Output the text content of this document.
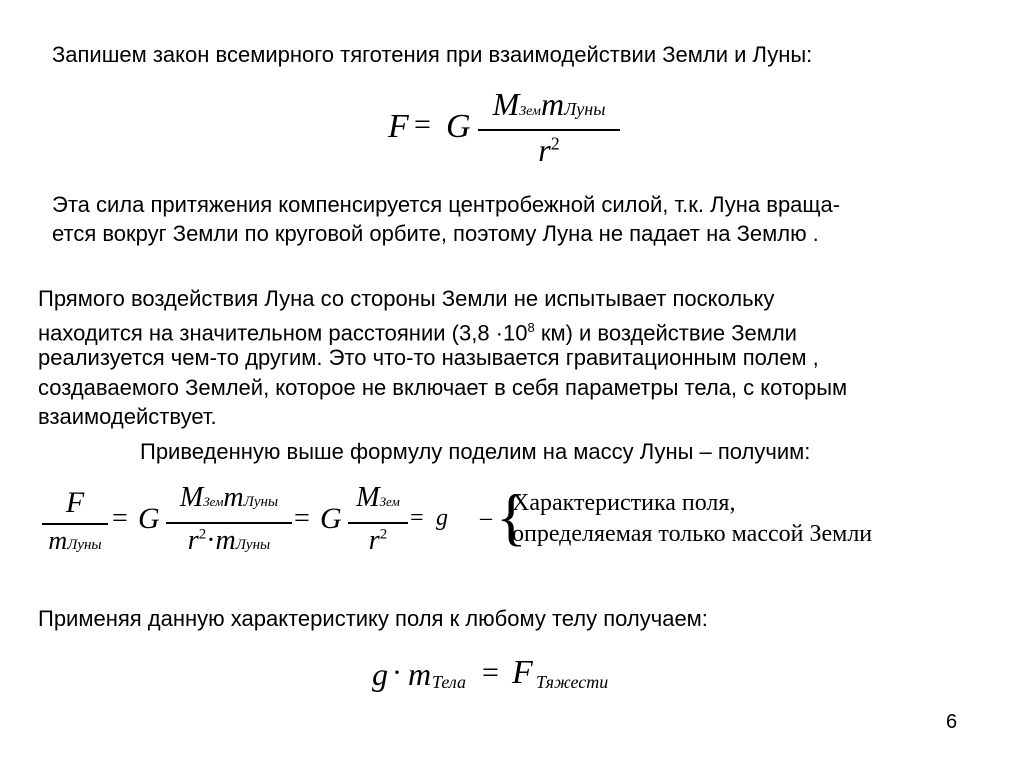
Запишем закон всемирного тяготения при взаимодействии Земли и Луны:

F = G
MЗемmЛуны
$r^2$

Эта сила притяжения компенсируется центробежной силой, т.к. Луна враща-

ется вокруг Земли по круговой орбите, поэтому Луна не падает на Землю .

Прямого воздействия Луна со стороны Земли не испытывает поскольку

находится на значительном расстоянии ($3,8 \cdot 10^8$ км) и воздействие Земли

реализуется чем-то другим. Это что-то называется гравитационным полем ,

создаваемого Землей, которое не включает в себя параметры тела, с которым

взаимодействует.

Приведенную выше формулу поделим на массу Луны – получим:

F
mЛуны
= G
MЗемmЛуны
$r^2\cdot mЛуны$
= G
MЗем
$r^2$
= g – {
Характеристика поля,
определяемая только массой Земли

Применяя данную характеристику поля к любому телу получаем:

g · m Тела = F Тяжести
6
